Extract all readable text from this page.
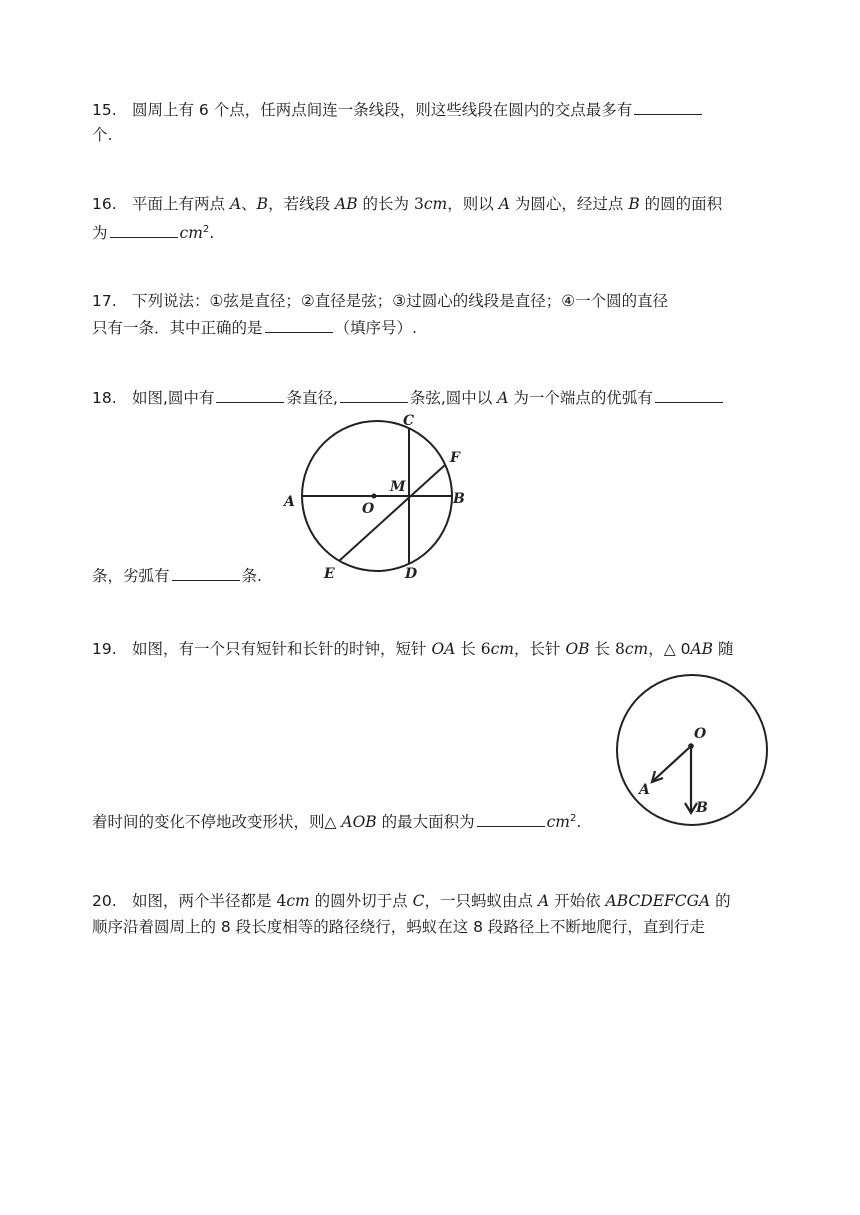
15. 圆周上有 6 个点，任两点间连一条线段，则这些线段在圆内的交点最多有
个.
16. 平面上有两点 A、B，若线段 AB 的长为 3cm，则以 A 为圆心，经过点 B 的圆的面积
为	$cm^2$.
17. 下列说法：①弦是直径；②直径是弦；③过圆心的线段是直径；④一个圆的直径
只有一条．其中正确的是	（填序号）.
18. 如图,圆中有	条直径,	条弦,圆中以 A 为一个端点的优弧有
C
F
M
A	O
B
E	D
条，劣弧有	条.
19. 如图，有一个只有短针和长针的时钟，短针 OA 长 6cm，长针 OB 长 8cm，△ 0AB 随
O
A
B
着时间的变化不停地改变形状，则△ AOB 的最大面积为	$cm^2$.
20. 如图，两个半径都是 4cm 的圆外切于点 C，一只蚂蚁由点 A 开始依 ABCDEFCGA 的
顺序沿着圆周上的 8 段长度相等的路径绕行，蚂蚁在这 8 段路径上不断地爬行，直到行走
